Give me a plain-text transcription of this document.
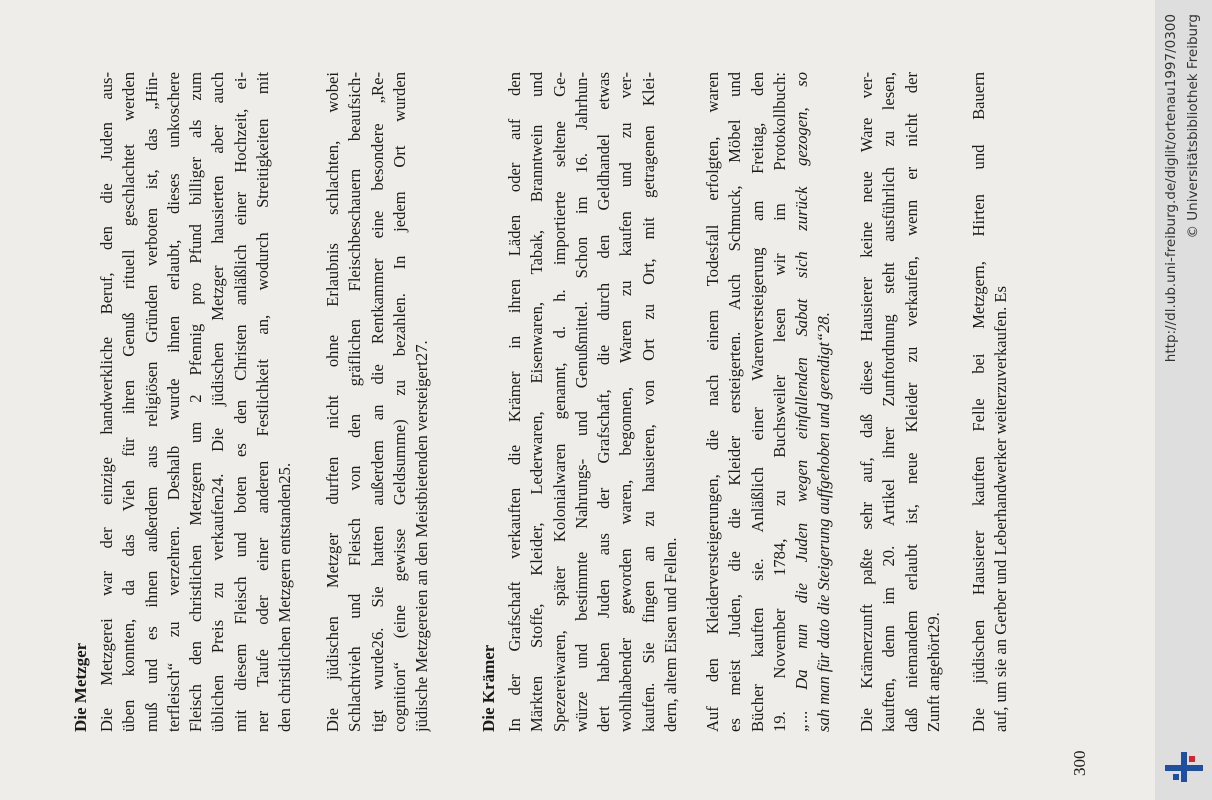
Die Metzger Die Metzgerei war der einzige handwerkliche Beruf, den die Juden aus- üben konnten, da das Vieh für ihren Genuß rituell geschlachtet werden muß und es ihnen außerdem aus religiösen Gründen verboten ist, das „Hin- terfleisch“ zu verzehren. Deshalb wurde ihnen erlaubt, dieses unkoschere Fleisch den christlichen Metzgern um 2 Pfennig pro Pfund billiger als zum üblichen Preis zu verkaufen24. Die jüdischen Metzger hausierten aber auch mit diesem Fleisch und boten es den Christen anläßlich einer Hochzeit, ei- ner Taufe oder einer anderen Festlichkeit an, wodurch Streitigkeiten mit den christlichen Metzgern entstanden25. Die jüdischen Metzger durften nicht ohne Erlaubnis schlachten, wobei Schlachtvieh und Fleisch von den gräflichen Fleischbeschauern beaufsich- tigt wurde26. Sie hatten außerdem an die Rentkammer eine besondere „Re- cognition“ (eine gewisse Geldsumme) zu bezahlen. In jedem Ort wurden jüdische Metzgereien an den Meistbietenden versteigert27.	Die Krämer In der Grafschaft verkauften die Krämer in ihren Läden oder auf den Märkten Stoffe, Kleider, Lederwaren, Eisenwaren, Tabak, Branntwein und Spezereiwaren, später Kolonialwaren genannt, d. h. importierte seltene Ge- würze und bestimmte Nahrungs- und Genußmittel. Schon im 16. Jahrhun- dert haben Juden aus der Grafschaft, die durch den Geldhandel etwas wohlhabender geworden waren, begonnen, Waren zu kaufen und zu ver- kaufen. Sie fingen an zu hausieren, von Ort zu Ort, mit getragenen Klei- dern, altem Eisen und Fellen. Auf den Kleiderversteigerungen, die nach einem Todesfall erfolgten, waren es meist Juden, die die Kleider ersteigerten. Auch Schmuck, Möbel und Bücher kauften sie. Anläßlich einer Warenversteigerung am Freitag, den 19. November 1784, zu Buchsweiler lesen wir im Protokollbuch: „... Da nun die Juden wegen einfallenden Sabat sich zurück gezogen, so sah man für dato die Steigerung auffgehoben und geendigt“28. Die Krämerzunft paßte sehr auf, daß diese Hausierer keine neue Ware ver- kauften, denn im 20. Artikel ihrer Zunftordnung steht ausführlich zu lesen, daß niemandem erlaubt ist, neue Kleider zu verkaufen, wenn er nicht der Zunft angehört29. Die jüdischen Hausierer kauften Felle bei Metzgern, Hirten und Bauern auf, um sie an Gerber und Leberhandwerker weiterzuverkaufen. Es
300
http://dl.ub.uni-freiburg.de/diglit/ortenau1997/0300 © Universitätsbibliothek Freiburg
